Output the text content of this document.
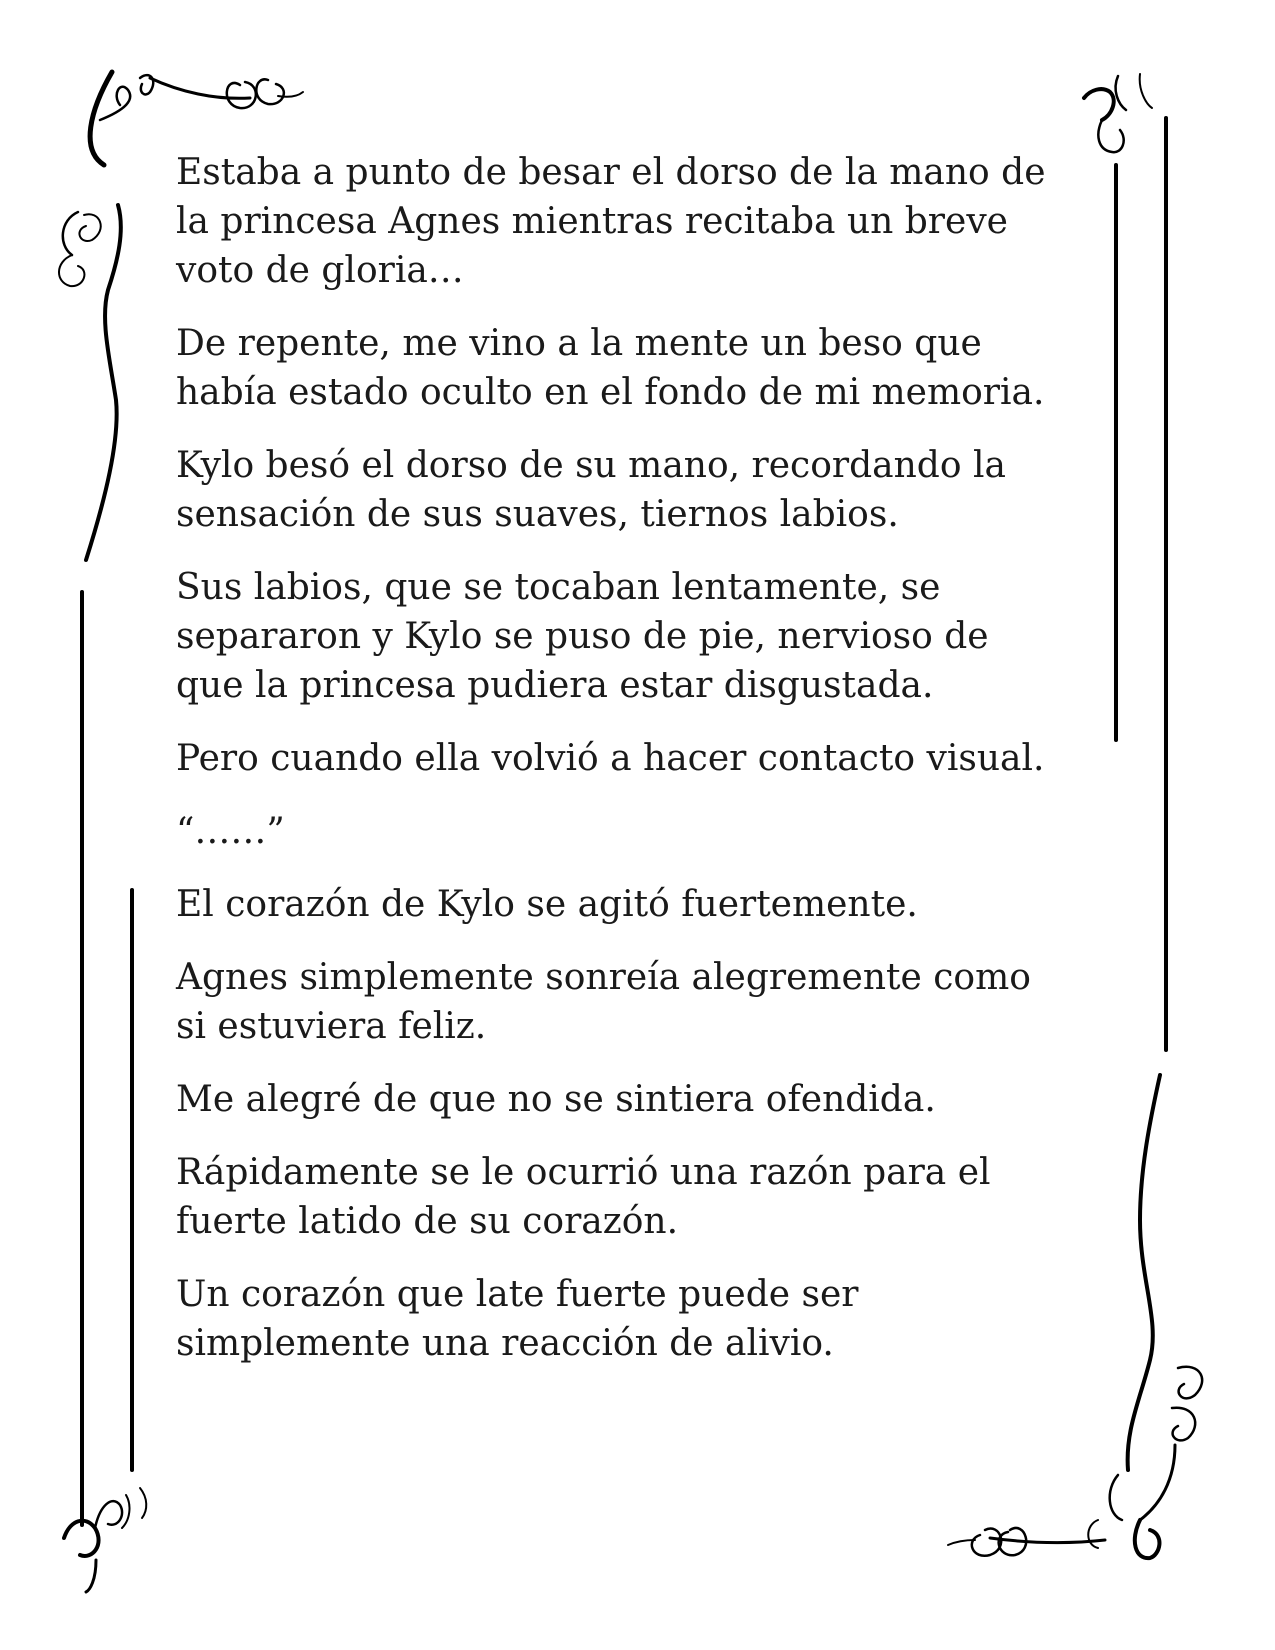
Estaba a punto de besar el dorso de la mano de
la princesa Agnes mientras recitaba un breve
voto de gloria…

De repente, me vino a la mente un beso que
había estado oculto en el fondo de mi memoria.

Kylo besó el dorso de su mano, recordando la
sensación de sus suaves, tiernos labios.

Sus labios, que se tocaban lentamente, se
separaron y Kylo se puso de pie, nervioso de
que la princesa pudiera estar disgustada.

Pero cuando ella volvió a hacer contacto visual.

“……”

El corazón de Kylo se agitó fuertemente.

Agnes simplemente sonreía alegremente como
si estuviera feliz.

Me alegré de que no se sintiera ofendida.

Rápidamente se le ocurrió una razón para el
fuerte latido de su corazón.

Un corazón que late fuerte puede ser
simplemente una reacción de alivio.
